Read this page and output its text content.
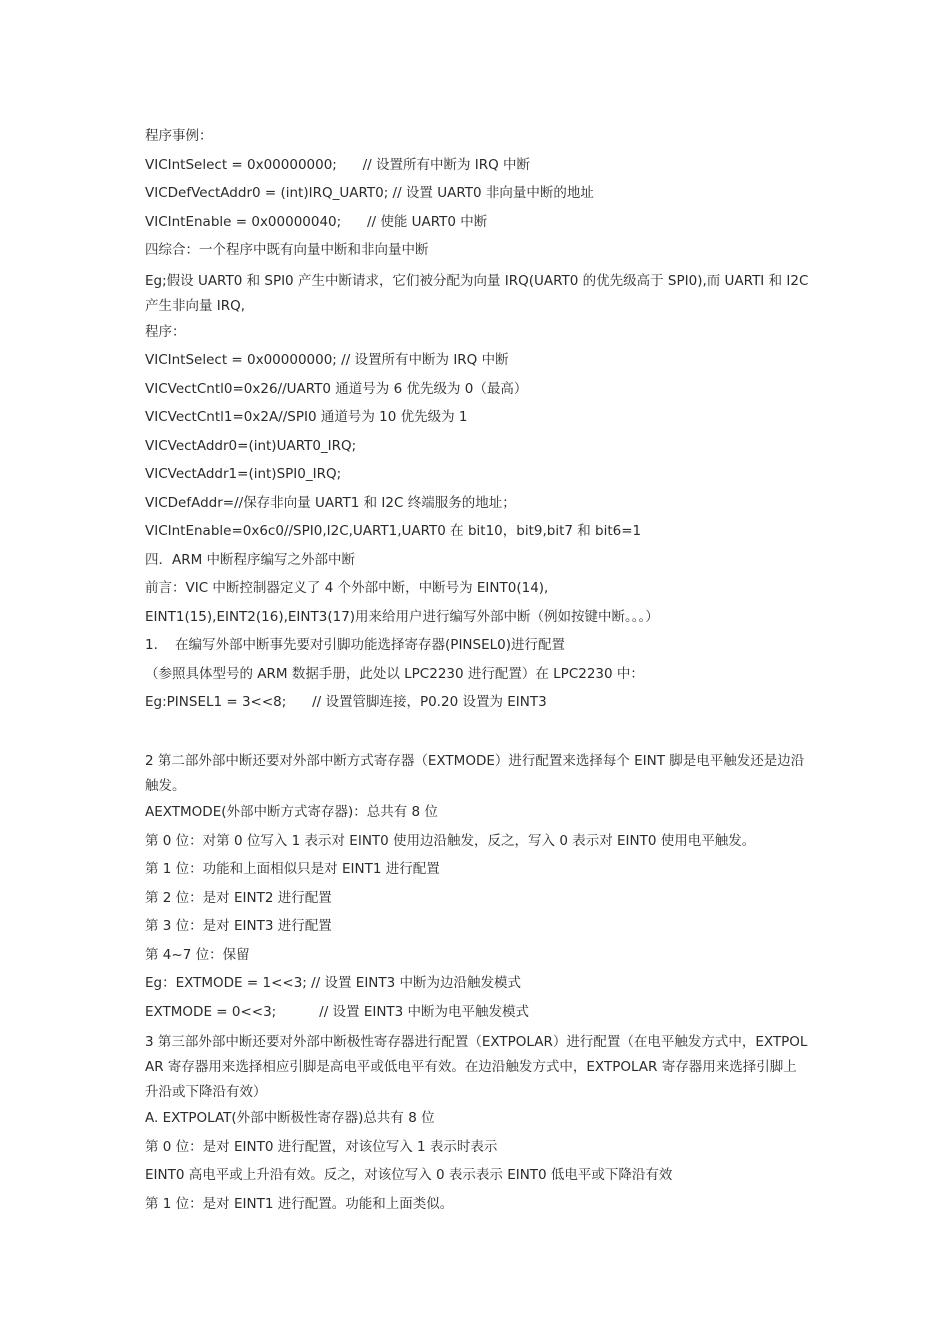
程序事例：
VICIntSelect = 0x00000000;      // 设置所有中断为 IRQ 中断
VICDefVectAddr0 = (int)IRQ_UART0; // 设置 UART0 非向量中断的地址
VICIntEnable = 0x00000040;      // 使能 UART0 中断
四综合：一个程序中既有向量中断和非向量中断
Eg;假设 UART0 和 SPI0 产生中断请求，它们被分配为向量 IRQ(UART0 的优先级高于 SPI0),而 UARTI 和 I2C 产生非向量 IRQ,
程序：
VICIntSelect = 0x00000000; // 设置所有中断为 IRQ 中断
VICVectCntl0=0x26//UART0 通道号为 6 优先级为 0（最高）
VICVectCntl1=0x2A//SPI0 通道号为 10 优先级为 1
VICVectAddr0=(int)UART0_IRQ;
VICVectAddr1=(int)SPI0_IRQ;
VICDefAddr=//保存非向量 UART1 和 I2C 终端服务的地址；
VICIntEnable=0x6c0//SPI0,I2C,UART1,UART0 在 bit10，bit9,bit7 和 bit6=1
四．ARM 中断程序编写之外部中断
前言：VIC 中断控制器定义了 4 个外部中断，中断号为 EINT0(14),
EINT1(15),EINT2(16),EINT3(17)用来给用户进行编写外部中断（例如按键中断。。。）
1.    在编写外部中断事先要对引脚功能选择寄存器(PINSEL0)进行配置
（参照具体型号的 ARM 数据手册，此处以 LPC2230 进行配置）在 LPC2230 中：
Eg:PINSEL1 = 3<<8;      // 设置管脚连接，P0.20 设置为 EINT3
2 第二部外部中断还要对外部中断方式寄存器（EXTMODE）进行配置来选择每个 EINT 脚是电平触发还是边沿触发。
AEXTMODE(外部中断方式寄存器)：总共有 8 位
第 0 位：对第 0 位写入 1 表示对 EINT0 使用边沿触发，反之，写入 0 表示对 EINT0 使用电平触发。
第 1 位：功能和上面相似只是对 EINT1 进行配置
第 2 位：是对 EINT2 进行配置
第 3 位：是对 EINT3 进行配置
第 4~7 位：保留
Eg：EXTMODE = 1<<3; // 设置 EINT3 中断为边沿触发模式
EXTMODE = 0<<3;          // 设置 EINT3 中断为电平触发模式
3 第三部外部中断还要对外部中断极性寄存器进行配置（EXTPOLAR）进行配置（在电平触发方式中，EXTPOLAR 寄存器用来选择相应引脚是高电平或低电平有效。在边沿触发方式中，EXTPOLAR 寄存器用来选择引脚上升沿或下降沿有效）
A. EXTPOLAT(外部中断极性寄存器)总共有 8 位
第 0 位：是对 EINT0 进行配置，对该位写入 1 表示时表示
EINT0 高电平或上升沿有效。反之，对该位写入 0 表示表示 EINT0 低电平或下降沿有效
第 1 位：是对 EINT1 进行配置。功能和上面类似。
